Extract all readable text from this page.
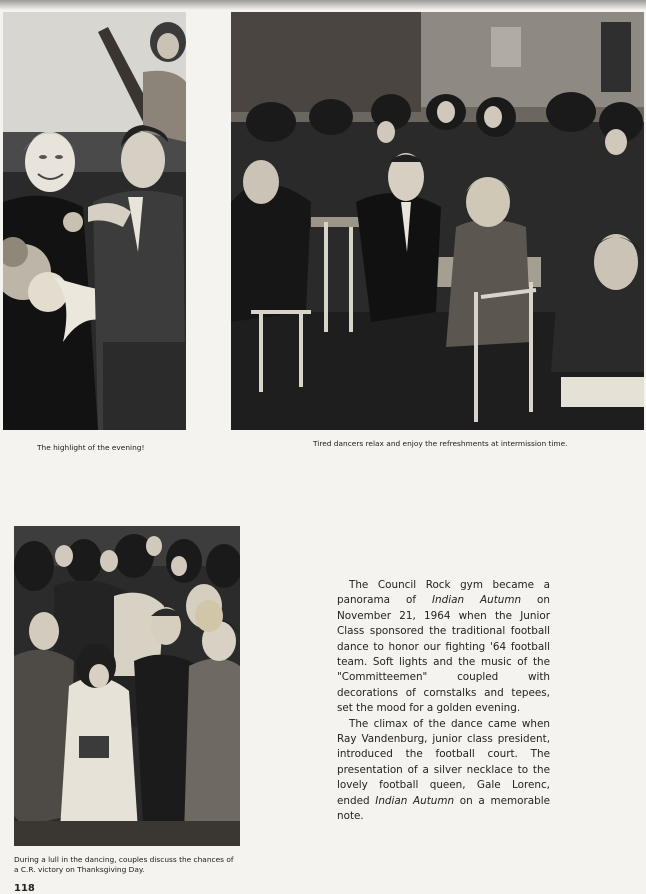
The highlight of the evening!	Tired dancers relax and enjoy the refreshments at intermission time.
During a lull in the dancing, couples discuss the chances of a C.R. victory on Thanksgiving Day.

The Council Rock gym became a panorama of Indian Autumn on November 21, 1964 when the Junior Class sponsored the traditional football dance to honor our fighting '64 football team. Soft lights and the music of the "Committeemen" coupled with decorations of cornstalks and tepees, set the mood for a golden evening.

The climax of the dance came when Ray Vandenburg, junior class president, introduced the football court. The presentation of a silver necklace to the lovely football queen, Gale Lorenc, ended Indian Autumn on a memorable note.

118
